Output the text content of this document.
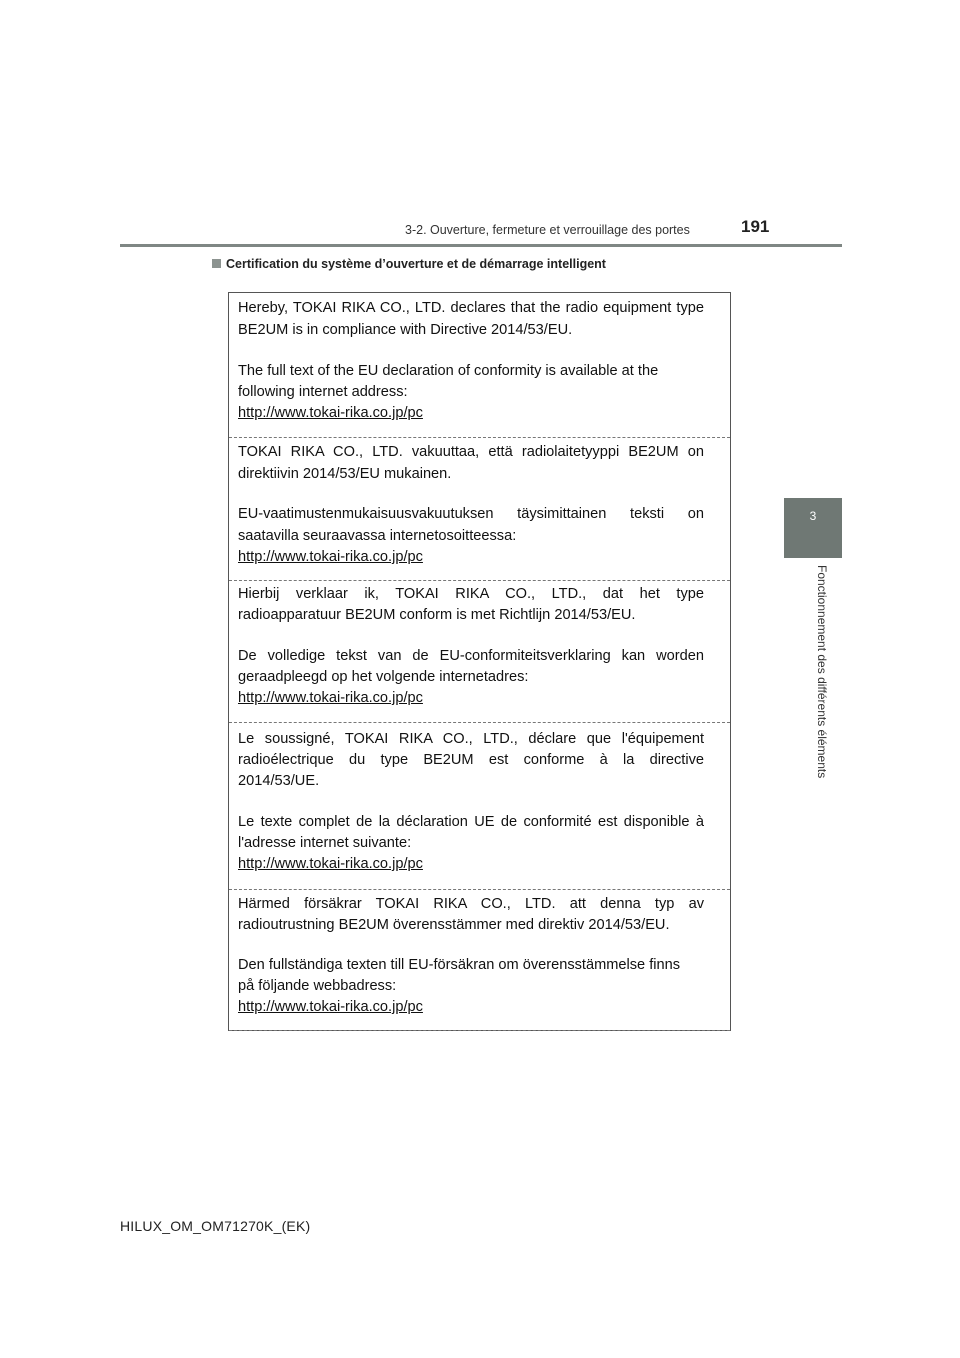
3-2. Ouverture, fermeture et verrouillage des portes	191
Certification du système d’ouverture et de démarrage intelligent
3
Fonctionnement des différents éléments
Hereby, TOKAI RIKA CO., LTD. declares that the radio equipment type
BE2UM is in compliance with Directive 2014/53/EU.
The full text of the EU declaration of conformity is available at the
following internet address:
http://www.tokai-rika.co.jp/pc
TOKAI RIKA CO., LTD. vakuuttaa, että radiolaitetyyppi BE2UM on
direktiivin 2014/53/EU mukainen.
EU-vaatimustenmukaisuusvakuutuksen täysimittainen teksti on
saatavilla seuraavassa internetosoitteessa:
http://www.tokai-rika.co.jp/pc
Hierbij verklaar ik, TOKAI RIKA CO., LTD., dat het type
radioapparatuur BE2UM conform is met Richtlijn 2014/53/EU.
De volledige tekst van de EU-conformiteitsverklaring kan worden
geraadpleegd op het volgende internetadres:
http://www.tokai-rika.co.jp/pc
Le soussigné, TOKAI RIKA CO., LTD., déclare que l'équipement
radioélectrique du type BE2UM est conforme à la directive
2014/53/UE.
Le texte complet de la déclaration UE de conformité est disponible à
l'adresse internet suivante:
http://www.tokai-rika.co.jp/pc
Härmed försäkrar TOKAI RIKA CO., LTD. att denna typ av
radioutrustning BE2UM överensstämmer med direktiv 2014/53/EU.
Den fullständiga texten till EU-försäkran om överensstämmelse finns
på följande webbadress:
http://www.tokai-rika.co.jp/pc
HILUX_OM_OM71270K_(EK)
